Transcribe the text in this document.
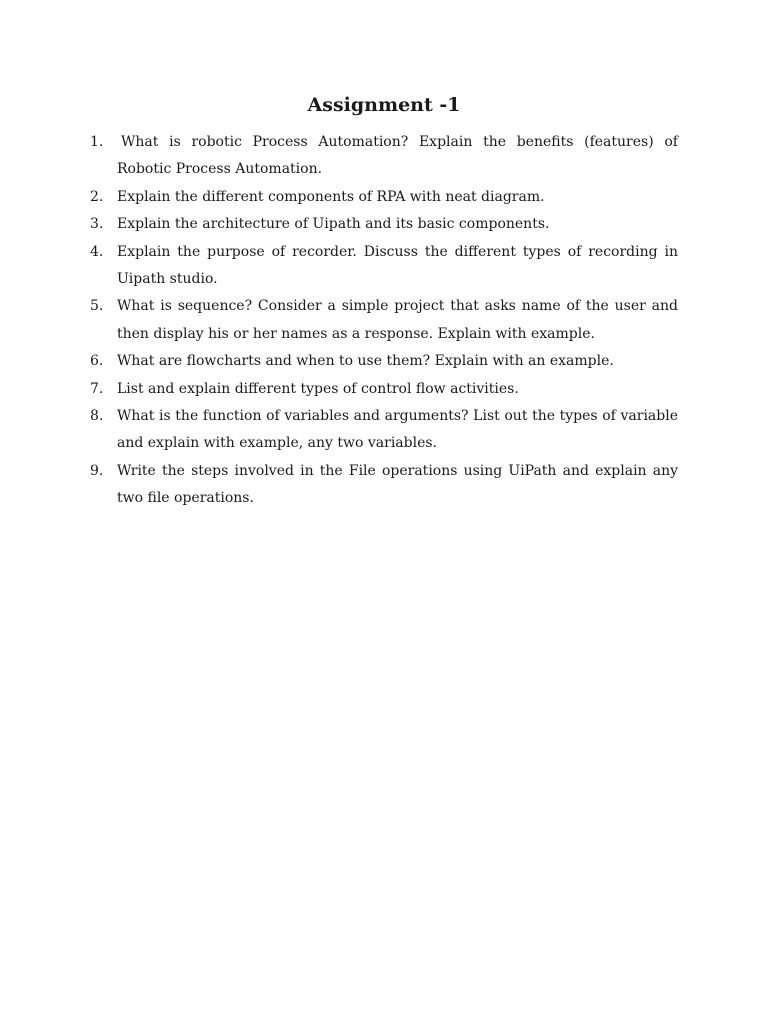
Assignment -1
1. What is robotic Process Automation? Explain the benefits (features) of Robotic Process Automation.
2. Explain the different components of RPA with neat diagram.
3. Explain the architecture of Uipath and its basic components.
4. Explain the purpose of recorder. Discuss the different types of recording in Uipath studio.
5. What is sequence? Consider a simple project that asks name of the user and then display his or her names as a response. Explain with example.
6. What are flowcharts and when to use them? Explain with an example.
7. List and explain different types of control flow activities.
8. What is the function of variables and arguments? List out the types of variable and explain with example, any two variables.
9. Write the steps involved in the File operations using UiPath and explain any two file operations.
